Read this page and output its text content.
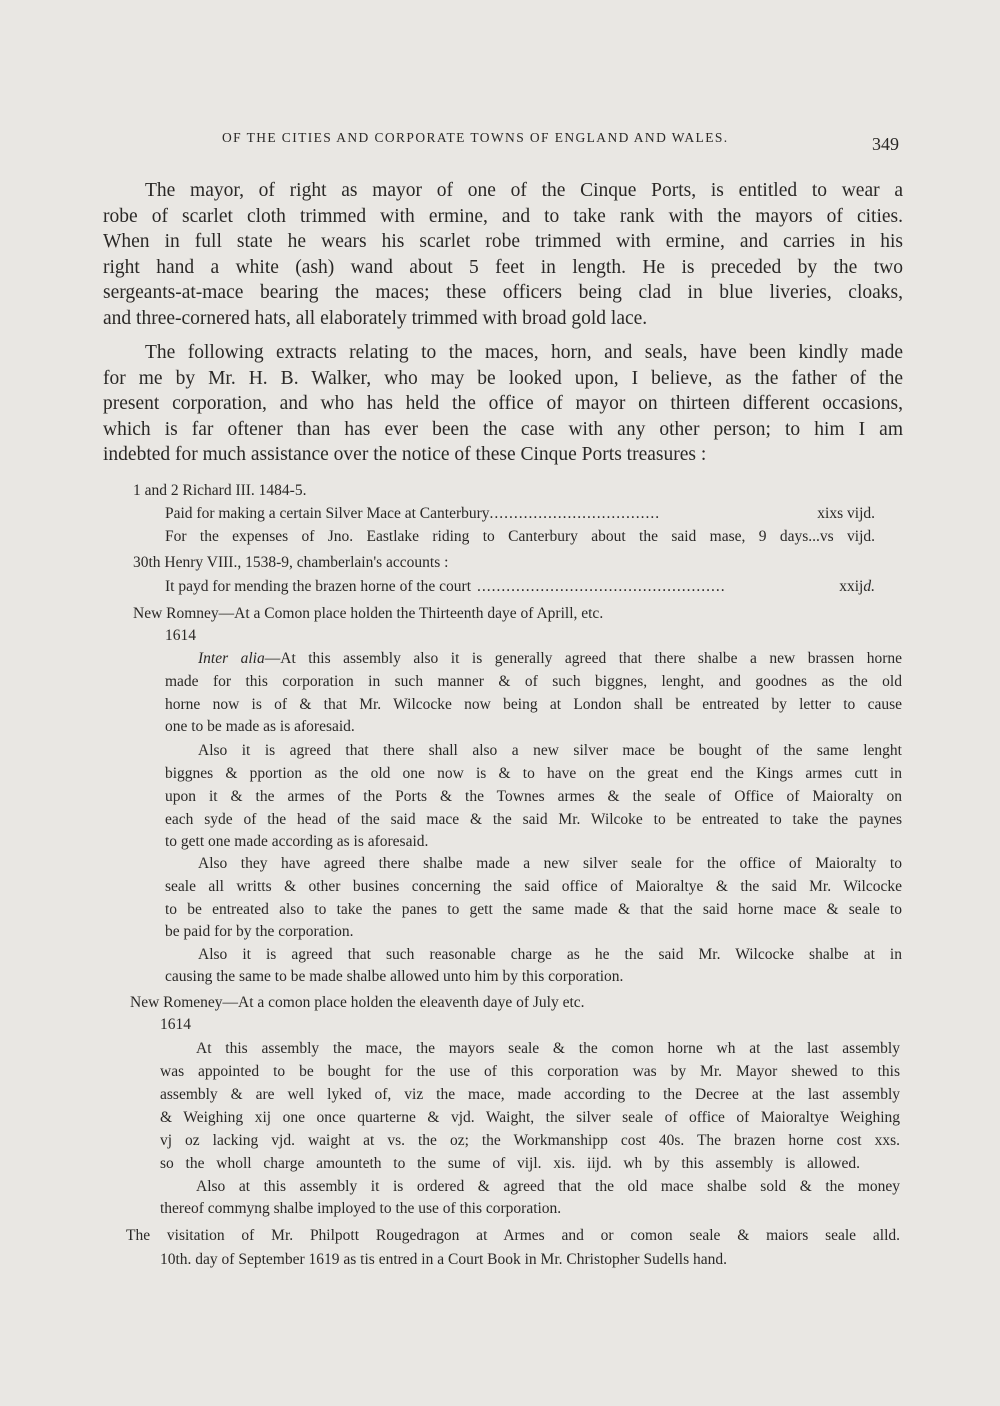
OF THE CITIES AND CORPORATE TOWNS OF ENGLAND AND WALES.	349
The mayor, of right as mayor of one of the Cinque Ports, is entitled to wear a
robe of scarlet cloth trimmed with ermine, and to take rank with the mayors of cities.
When in full state he wears his scarlet robe trimmed with ermine, and carries in his
right hand a white (ash) wand about 5 feet in length. He is preceded by the two
sergeants-at-mace bearing the maces; these officers being clad in blue liveries, cloaks,
and three-cornered hats, all elaborately trimmed with broad gold lace.
The following extracts relating to the maces, horn, and seals, have been kindly made
for me by Mr. H. B. Walker, who may be looked upon, I believe, as the father of the
present corporation, and who has held the office of mayor on thirteen different occasions,
which is far oftener than has ever been the case with any other person; to him I am
indebted for much assistance over the notice of these Cinque Ports treasures :
1 and 2 Richard III. 1484-5.
Paid for making a certain Silver Mace at Canterbury ...................................	xixs vijd.
For the expenses of Jno. Eastlake riding to Canterbury about the said mase, 9 days...vs vijd.
30th Henry VIII., 1538-9, chamberlain's accounts :
It payd for mending the brazen horne of the court ...................................................	xxijd.
New Romney—At a Comon place holden the Thirteenth daye of Aprill, etc.
1614
Inter alia—At this assembly also it is generally agreed that there shalbe a new brassen horne
made for this corporation in such manner & of such biggnes, lenght, and goodnes as the old
horne now is of & that Mr. Wilcocke now being at London shall be entreated by letter to cause
one to be made as is aforesaid.
Also it is agreed that there shall also a new silver mace be bought of the same lenght
biggnes & pportion as the old one now is & to have on the great end the Kings armes cutt in
upon it & the armes of the Ports & the Townes armes & the seale of Office of Maioralty on
each syde of the head of the said mace & the said Mr. Wilcoke to be entreated to take the paynes
to gett one made according as is aforesaid.
Also they have agreed there shalbe made a new silver seale for the office of Maioralty to
seale all writts & other busines concerning the said office of Maioraltye & the said Mr. Wilcocke
to be entreated also to take the panes to gett the same made & that the said horne mace & seale to
be paid for by the corporation.
Also it is agreed that such reasonable charge as he the said Mr. Wilcocke shalbe at in
causing the same to be made shalbe allowed unto him by this corporation.
New Romeney—At a comon place holden the eleaventh daye of July etc.
1614
At this assembly the mace, the mayors seale & the comon horne wh at the last assembly
was appointed to be bought for the use of this corporation was by Mr. Mayor shewed to this
assembly & are well lyked of, viz the mace, made according to the Decree at the last assembly
& Weighing xij one once quarterne & vjd. Waight, the silver seale of office of Maioraltye Weighing
vj oz lacking vjd. waight at vs. the oz; the Workmanshipp cost 40s. The brazen horne cost xxs.
so the wholl charge amounteth to the sume of vijl. xis. iijd. wh by this assembly is allowed.
Also at this assembly it is ordered & agreed that the old mace shalbe sold & the money
thereof commyng shalbe imployed to the use of this corporation.
The visitation of Mr. Philpott Rougedragon at Armes and or comon seale & maiors seale alld.
10th. day of September 1619 as tis entred in a Court Book in Mr. Christopher Sudells hand.
